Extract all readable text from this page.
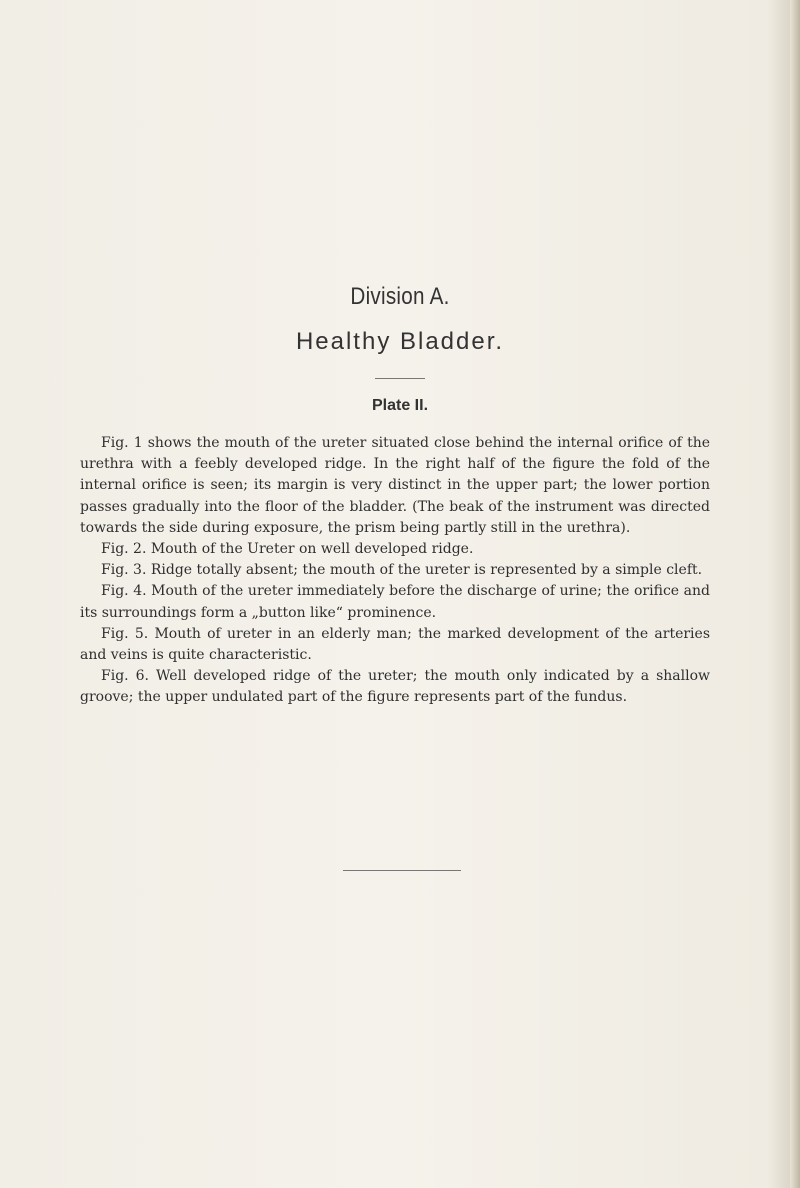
Division A.
Healthy Bladder.
Plate II.

Fig. 1 shows the mouth of the ureter situated close behind the internal orifice of the urethra with a feebly developed ridge. In the right half of the figure the fold of the internal orifice is seen; its margin is very distinct in the upper part; the lower portion passes gradually into the floor of the bladder. (The beak of the instrument was directed towards the side during exposure, the prism being partly still in the urethra).

Fig. 2. Mouth of the Ureter on well developed ridge.

Fig. 3. Ridge totally absent; the mouth of the ureter is represented by a simple cleft.

Fig. 4. Mouth of the ureter immediately before the discharge of urine; the orifice and its surroundings form a „button like“ prominence.

Fig. 5. Mouth of ureter in an elderly man; the marked development of the arteries and veins is quite characteristic.

Fig. 6. Well developed ridge of the ureter; the mouth only indicated by a shallow groove; the upper undulated part of the figure represents part of the fundus.
